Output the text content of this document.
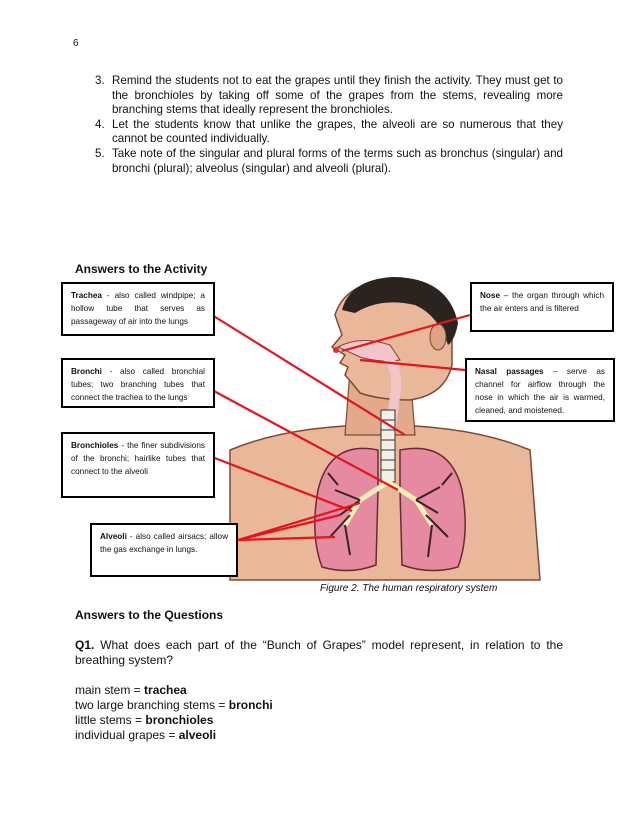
6
3. Remind the students not to eat the grapes until they finish the activity. They must get to the bronchioles by taking off some of the grapes from the stems, revealing more branching stems that ideally represent the bronchioles.
4. Let the students know that unlike the grapes, the alveoli are so numerous that they cannot be counted individually.
5. Take note of the singular and plural forms of the terms such as bronchus (singular) and bronchi (plural); alveolus (singular) and alveoli (plural).
Answers to the Activity
Trachea - also called windpipe; a hollow tube that serves as passageway of air into the lungs
Bronchi - also called bronchial tubes; two branching tubes that connect the trachea to the lungs
Bronchioles - the finer subdivisions of the bronchi; hairlike tubes that connect to the alveoli
Alveoli - also called airsacs; allow the gas exchange in lungs.
Nose – the organ through which the air enters and is filtered
Nasal passages – serve as channel for airflow through the nose in which the air is warmed, cleaned, and moistened.
Figure 2. The human respiratory system
Answers to the Questions
Q1. What does each part of the “Bunch of Grapes” model represent, in relation to the breathing system?
main stem = trachea
two large branching stems = bronchi
little stems = bronchioles
individual grapes = alveoli
